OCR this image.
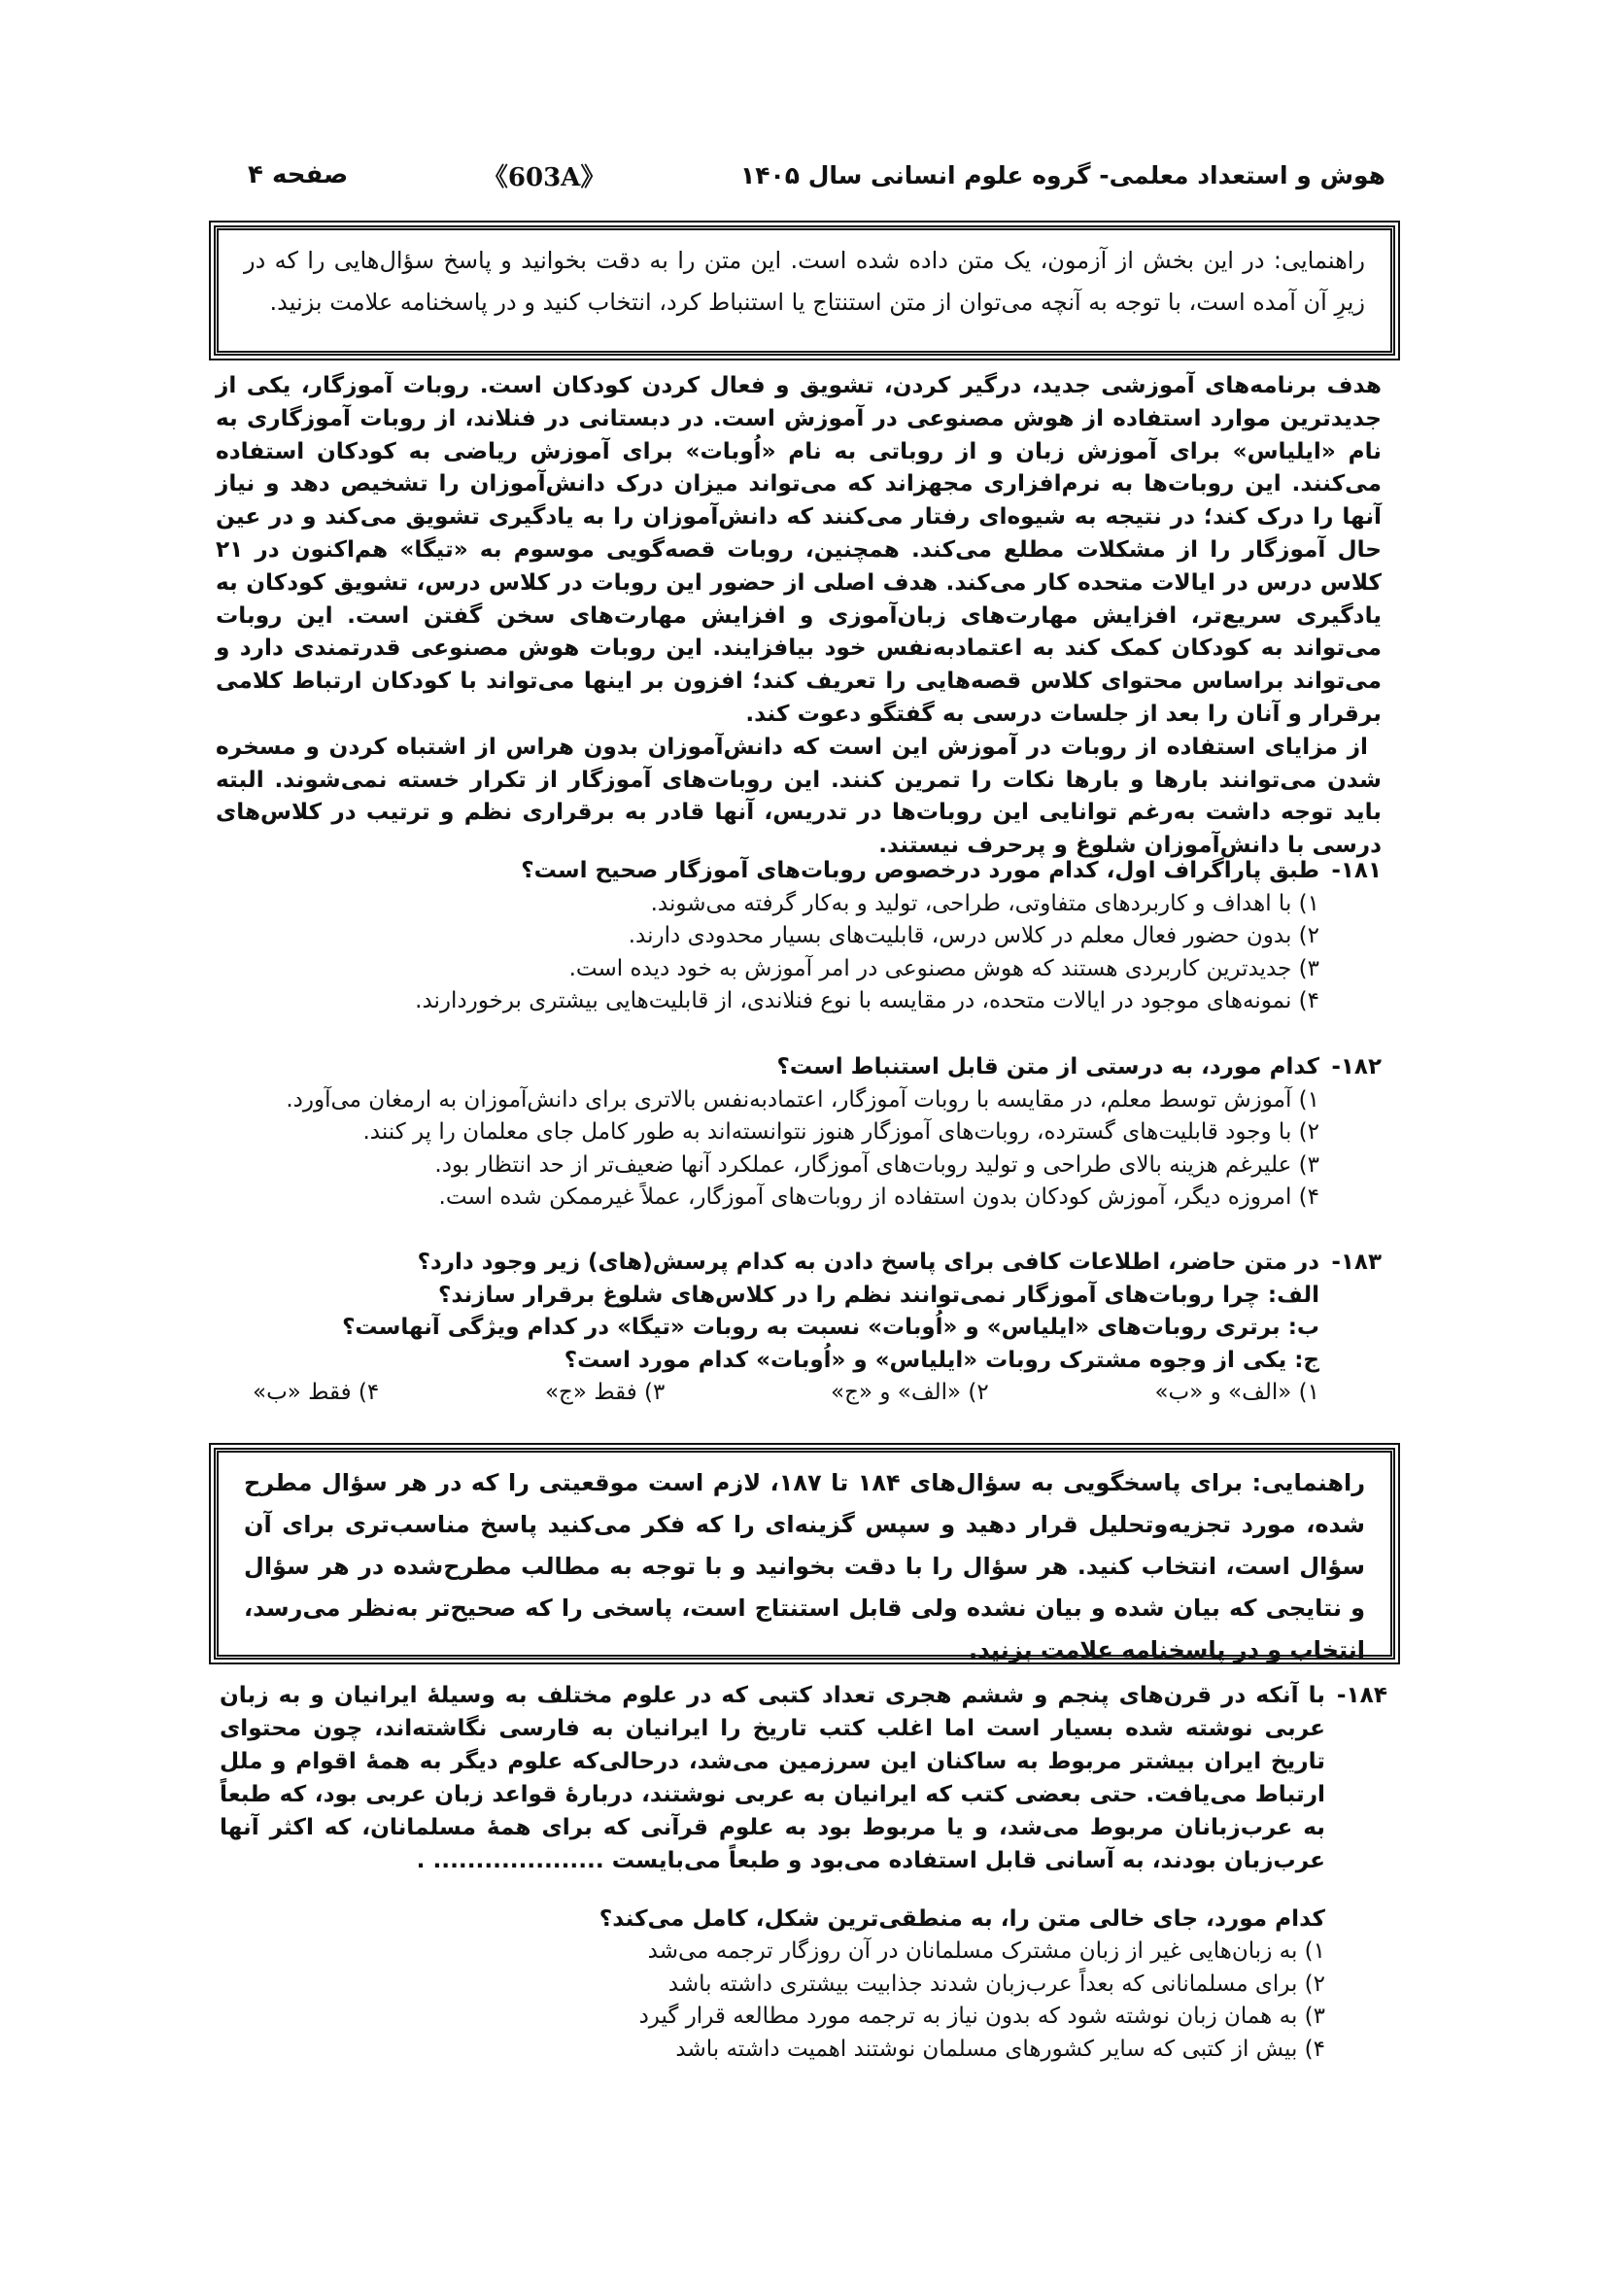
هوش و استعداد معلمی- گروه علوم انسانی سال ۱۴۰۵
《603A》
صفحه ۴
راهنمایی: در این بخش از آزمون، یک متن داده شده است. این متن را به دقت بخوانید و پاسخ سؤال‌هایی را که در زیرِ آن آمده است، با توجه به آنچه می‌توان از متن استنتاج یا استنباط کرد، انتخاب کنید و در پاسخنامه علامت بزنید.

هدف برنامه‌های آموزشی جدید، درگیر کردن، تشویق و فعال کردن کودکان است. روبات آموزگار، یکی از جدیدترین موارد استفاده از هوش مصنوعی در آموزش است. در دبستانی در فنلاند، از روبات آموزگاری به نام «ایلیاس» برای آموزش زبان و از روباتی به نام «اُوبات» برای آموزش ریاضی به کودکان استفاده می‌کنند. این روبات‌ها به نرم‌افزاری مجهزاند که می‌تواند میزان درک دانش‌آموزان را تشخیص دهد و نیاز آنها را درک کند؛ در نتیجه به شیوه‌ای رفتار می‌کنند که دانش‌آموزان را به یادگیری تشویق می‌کند و در عین حال آموزگار را از مشکلات مطلع می‌کند. همچنین، روبات قصه‌گویی موسوم به «تیگا» هم‌اکنون در ۲۱ کلاس درس در ایالات متحده کار می‌کند. هدف اصلی از حضور این روبات در کلاس درس، تشویق کودکان به یادگیری سریع‌تر، افزایش مهارت‌های زبان‌آموزی و افزایش مهارت‌های سخن گفتن است. این روبات می‌تواند به کودکان کمک کند به اعتمادبه‌نفس خود بیافزایند. این روبات هوش مصنوعی قدرتمندی دارد و می‌تواند براساس محتوای کلاس قصه‌هایی را تعریف کند؛ افزون بر اینها می‌تواند با کودکان ارتباط کلامی برقرار و آنان را بعد از جلسات درسی به گفتگو دعوت کند.

از مزایای استفاده از روبات در آموزش این است که دانش‌آموزان بدون هراس از اشتباه کردن و مسخره شدن می‌توانند بارها و بارها نکات را تمرین کنند. این روبات‌های آموزگار از تکرار خسته نمی‌شوند. البته باید توجه داشت به‌رغم توانایی این روبات‌ها در تدریس، آنها قادر به برقراری نظم و ترتیب در کلاس‌های درسی با دانش‌آموزان شلوغ و پرحرف نیستند.

۱۸۱-
طبق پاراگراف اول، کدام مورد درخصوص روبات‌های آموزگار صحیح است؟
۱) با اهداف و کاربردهای متفاوتی، طراحی، تولید و به‌کار گرفته می‌شوند.
۲) بدون حضور فعال معلم در کلاس درس، قابلیت‌های بسیار محدودی دارند.
۳) جدیدترین کاربردی هستند که هوش مصنوعی در امر آموزش به خود دیده است.
۴) نمونه‌های موجود در ایالات متحده، در مقایسه با نوع فنلاندی، از قابلیت‌هایی بیشتری برخوردارند.
۱۸۲-
کدام مورد، به درستی از متن قابل استنباط است؟
۱) آموزش توسط معلم، در مقایسه با روبات آموزگار، اعتمادبه‌نفس بالاتری برای دانش‌آموزان به ارمغان می‌آورد.
۲) با وجود قابلیت‌های گسترده، روبات‌های آموزگار هنوز نتوانسته‌اند به طور کامل جای معلمان را پر کنند.
۳) علیرغم هزینه بالای طراحی و تولید روبات‌های آموزگار، عملکرد آنها ضعیف‌تر از حد انتظار بود.
۴) امروزه دیگر، آموزش کودکان بدون استفاده از روبات‌های آموزگار، عملاً غیرممکن شده است.
۱۸۳-
در متن حاضر، اطلاعات کافی برای پاسخ دادن به کدام پرسش(های) زیر وجود دارد؟
الف: چرا روبات‌های آموزگار نمی‌توانند نظم را در کلاس‌های شلوغ برقرار سازند؟
ب: برتری روبات‌های «ایلیاس» و «اُوبات» نسبت به روبات «تیگا» در کدام ویژگی آنهاست؟
ج: یکی از وجوه مشترک روبات «ایلیاس» و «اُوبات» کدام مورد است؟
۱) «الف» و «ب»
۲) «الف» و «ج»
۳) فقط «ج»
۴) فقط «ب»
راهنمایی: برای پاسخگویی به سؤال‌های ۱۸۴ تا ۱۸۷، لازم است موقعیتی را که در هر سؤال مطرح شده، مورد تجزیه‌وتحلیل قرار دهید و سپس گزینه‌ای را که فکر می‌کنید پاسخ مناسب‌تری برای آن سؤال است، انتخاب کنید. هر سؤال را با دقت بخوانید و با توجه به مطالب مطرح‌شده در هر سؤال و نتایجی که بیان شده و بیان نشده ولی قابل استنتاج است، پاسخی را که صحیح‌تر به‌نظر می‌رسد، انتخاب و در پاسخنامه علامت بزنید.
۱۸۴-
با آنکه در قرن‌های پنجم و ششم هجری تعداد کتبی که در علوم مختلف به وسیلهٔ ایرانیان و به زبان عربی نوشته شده بسیار است اما اغلب کتب تاریخ را ایرانیان به فارسی نگاشته‌اند، چون محتوای تاریخ ایران بیشتر مربوط به ساکنان این سرزمین می‌شد، درحالی‌که علوم دیگر به همهٔ اقوام و ملل ارتباط می‌یافت. حتی بعضی کتب که ایرانیان به عربی نوشتند، دربارهٔ قواعد زبان عربی بود، که طبعاً به عرب‌زبانان مربوط می‌شد، و یا مربوط بود به علوم قرآنی که برای همهٔ مسلمانان، که اکثر آنها عرب‌زبان بودند، به آسانی قابل استفاده می‌بود و طبعاً می‌بایست .................... .
کدام مورد، جای خالی متن را، به منطقی‌ترین شکل، کامل می‌کند؟
۱) به زبان‌هایی غیر از زبان مشترک مسلمانان در آن روزگار ترجمه می‌شد
۲) برای مسلمانانی که بعداً عرب‌زبان شدند جذابیت بیشتری داشته باشد
۳) به همان زبان نوشته شود که بدون نیاز به ترجمه مورد مطالعه قرار گیرد
۴) بیش از کتبی که سایر کشورهای مسلمان نوشتند اهمیت داشته باشد
